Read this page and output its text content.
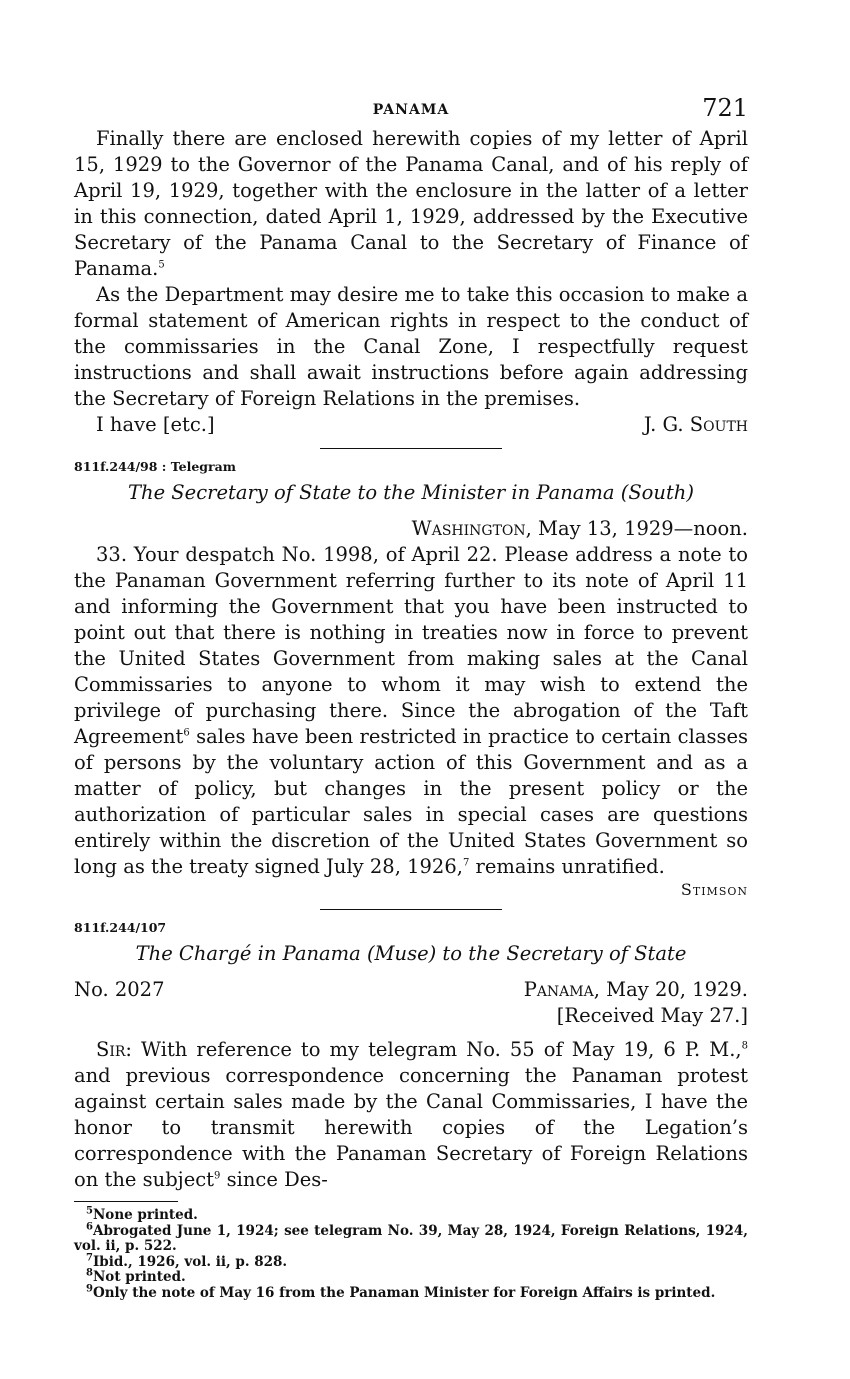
PANAMA	721

Finally there are enclosed herewith copies of my letter of April 15, 1929 to the Governor of the Panama Canal, and of his reply of April 19, 1929, together with the enclosure in the latter of a letter in this connection, dated April 1, 1929, addressed by the Executive Secretary of the Panama Canal to the Secretary of Finance of Panama.$^5$

As the Department may desire me to take this occasion to make a formal statement of American rights in respect to the conduct of the commissaries in the Canal Zone, I respectfully request instructions and shall await instructions before again addressing the Secretary of Foreign Relations in the premises.

I have [etc.]	J. G. South
811f.244/98 : Telegram
The Secretary of State to the Minister in Panama (South)
Washington, May 13, 1929—noon.

33. Your despatch No. 1998, of April 22. Please address a note to the Panaman Government referring further to its note of April 11 and informing the Government that you have been instructed to point out that there is nothing in treaties now in force to prevent the United States Government from making sales at the Canal Commissaries to anyone to whom it may wish to extend the privilege of purchasing there. Since the abrogation of the Taft Agreement$^6$ sales have been restricted in practice to certain classes of persons by the voluntary action of this Government and as a matter of policy, but changes in the present policy or the authorization of particular sales in special cases are questions entirely within the discretion of the United States Government so long as the treaty signed July 28, 1926,$^7$ remains unratified.

Stimson
811f.244/107
The Chargé in Panama (Muse) to the Secretary of State
No. 2027	Panama, May 20, 1929.
[Received May 27.]

Sir: With reference to my telegram No. 55 of May 19, 6 P. M.,$^8$ and previous correspondence concerning the Panaman protest against certain sales made by the Canal Commissaries, I have the honor to transmit herewith copies of the Legation’s correspondence with the Panaman Secretary of Foreign Relations on the subject$^9$ since Des-

$^5$None printed.

$^6$Abrogated June 1, 1924; see telegram No. 39, May 28, 1924, Foreign Relations, 1924, vol. ii, p. 522.

$^7$Ibid., 1926, vol. ii, p. 828.

$^8$Not printed.

$^9$Only the note of May 16 from the Panaman Minister for Foreign Affairs is printed.
